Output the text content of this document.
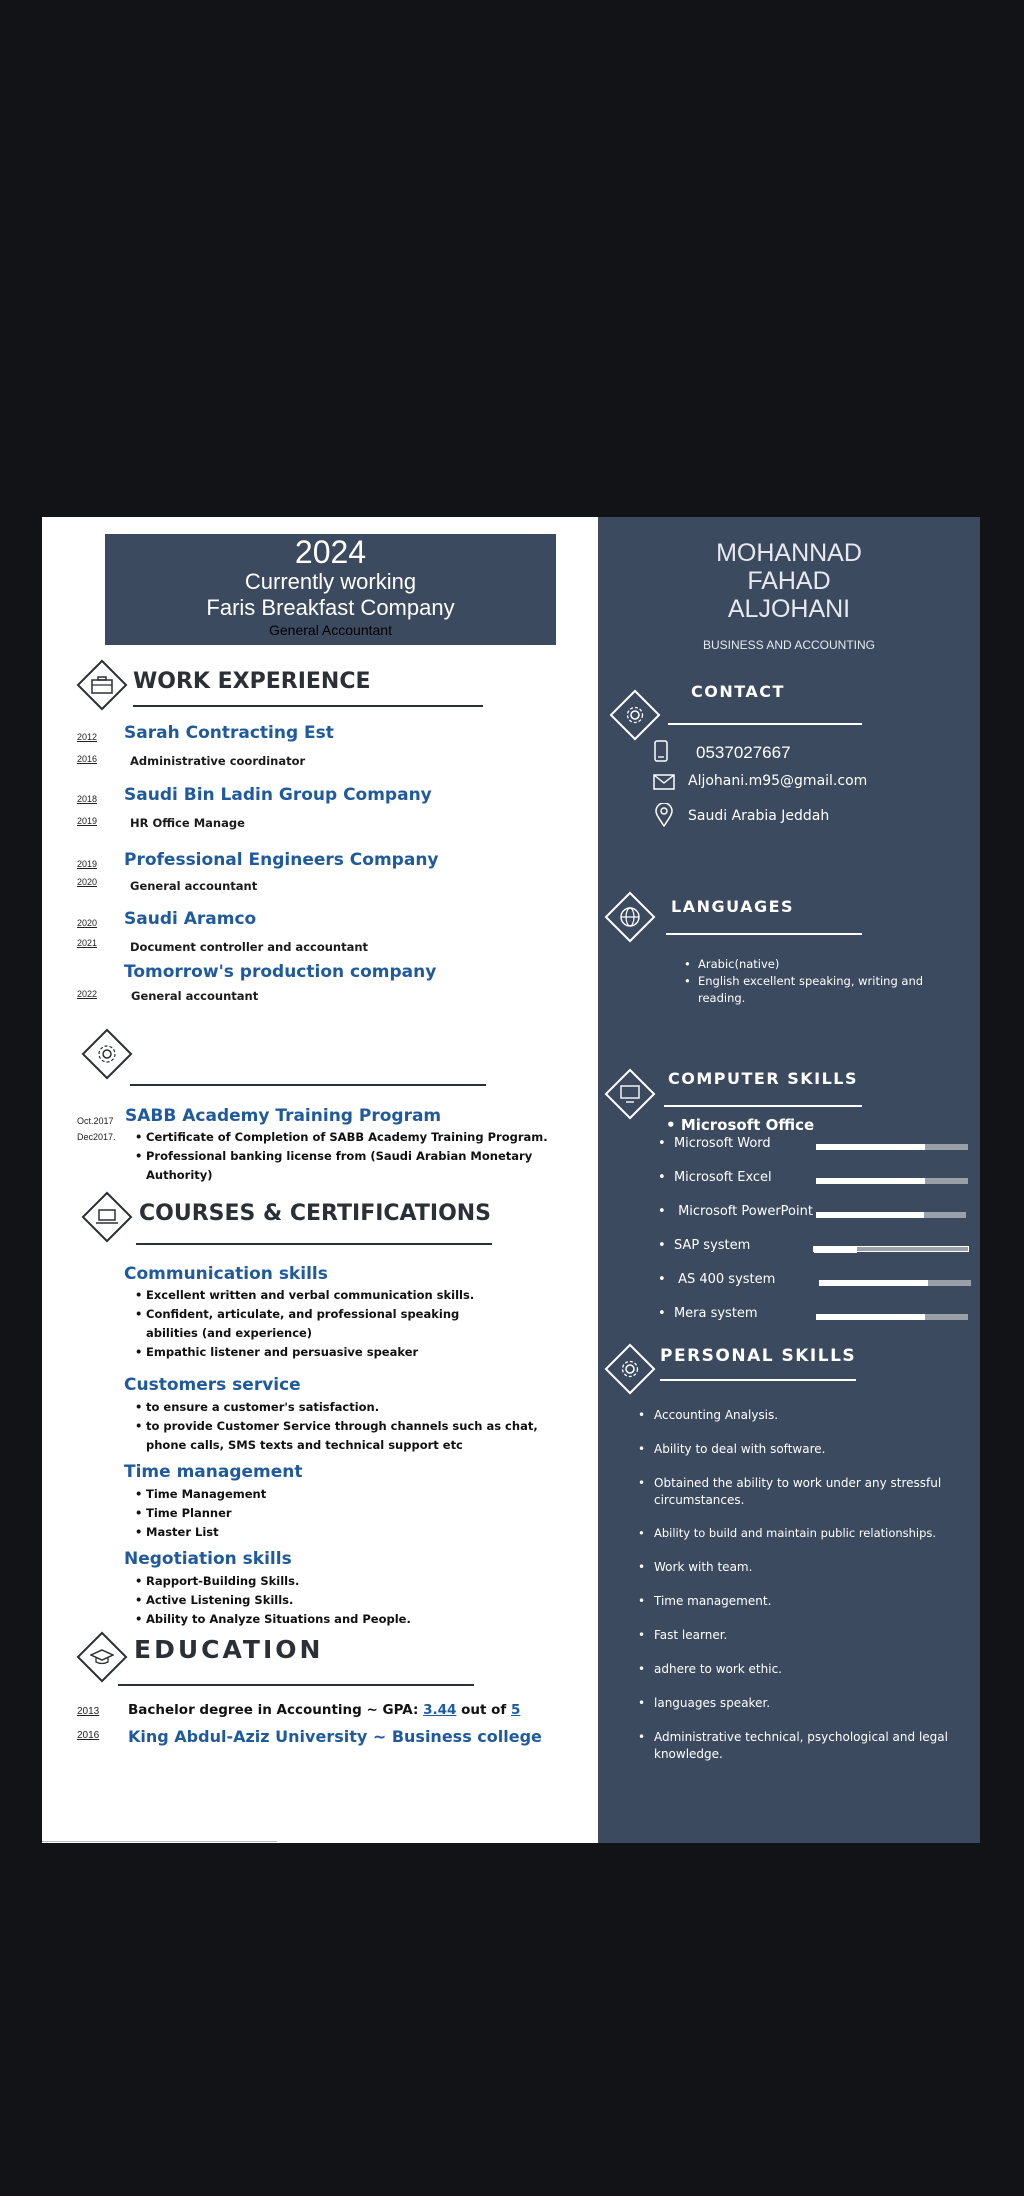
2024
Currently working
Faris Breakfast Company
General Accountant
WORK EXPERIENCE
2012
2016
Sarah Contracting Est
Administrative coordinator
2018
2019
Saudi Bin Ladin Group Company
HR Office Manage
2019
2020
Professional Engineers Company
General accountant
2020
2021
Saudi Aramco
Document controller and accountant
Tomorrow's production company
2022	General accountant
Oct.2017
Dec2017.
SABB Academy Training Program
• Certificate of Completion of SABB Academy Training Program.
• Professional banking license from (Saudi Arabian Monetary Authority)
COURSES & CERTIFICATIONS
Communication skills
• Excellent written and verbal communication skills.
• Confident, articulate, and professional speaking abilities (and experience)
• Empathic listener and persuasive speaker
Customers service
• to ensure a customer's satisfaction.
• to provide Customer Service through channels such as chat, phone calls, SMS texts and technical support etc
Time management
• Time Management
• Time Planner
• Master List
Negotiation skills
• Rapport-Building Skills.
• Active Listening Skills.
• Ability to Analyze Situations and People.
EDUCATION
2013
2016
Bachelor degree in Accounting ~ GPA: 3.44 out of 5
King Abdul-Aziz University ~ Business college
MOHANNAD
FAHAD
ALJOHANI
BUSINESS AND ACCOUNTING
CONTACT
0537027667
Aljohani.m95@gmail.com
Saudi Arabia Jeddah
LANGUAGES
• Arabic(native)
• English excellent speaking, writing and reading.
COMPUTER SKILLS
• Microsoft Office
•  Microsoft Word
•  Microsoft Excel
•   Microsoft PowerPoint
•  SAP system
•   AS 400 system
•  Mera system
PERSONAL SKILLS
• Accounting Analysis.
• Ability to deal with software.
• Obtained the ability to work under any stressful circumstances.
• Ability to build and maintain public relationships.
• Work with team.
• Time management.
• Fast learner.
• adhere to work ethic.
• languages speaker.
• Administrative technical, psychological and legal knowledge.
